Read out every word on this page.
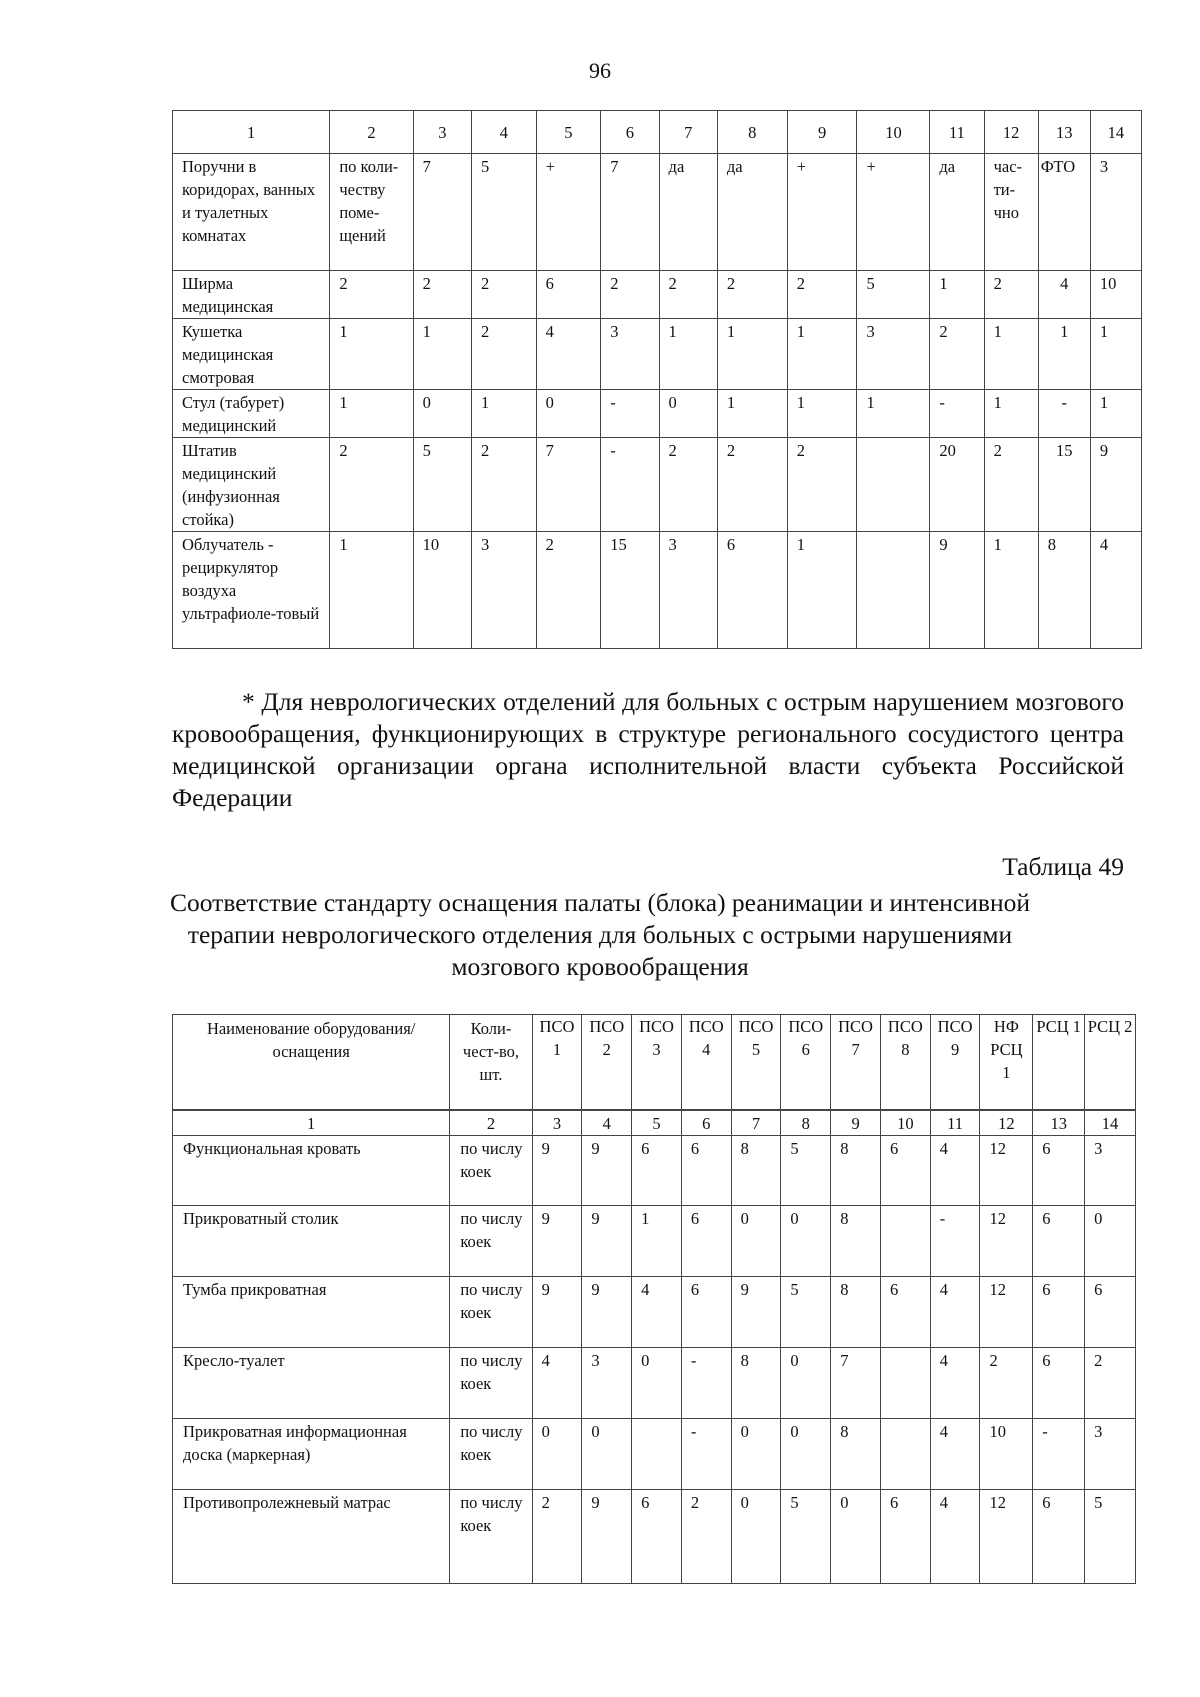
96
1	2	3	4	5	6	7	8	9	10	11	12	13	14
Поручни в коридорах, ванных и туалетных комнатах	по коли-честву поме-щений	7	5	+	7	да	да	+	+	да	час-ти-чно	ФТО	3
Ширма медицинская	2	2	2	6	2	2	2	2	5	1	2	4	10
Кушетка медицинская смотровая	1	1	2	4	3	1	1	1	3	2	1	1	1
Стул (табурет) медицинский	1	0	1	0	-	0	1	1	1	-	1	-	1
Штатив медицинский (инфузионная стойка)	2	5	2	7	-	2	2	2		20	2	15	9
Облучатель - рециркулятор воздуха ультрафиоле-товый	1	10	3	2	15	3	6	1		9	1	8	4
* Для неврологических отделений для больных с острым нарушением мозгового кровообращения, функционирующих в структуре регионального сосудистого центра медицинской организации органа исполнительной власти субъекта Российской Федерации
Таблица 49
Соответствие стандарту оснащения палаты (блока) реанимации и интенсивной терапии неврологического отделения для больных с острыми нарушениями мозгового кровообращения
Наименование оборудования/ оснащения	Коли-чест-во, шт.	ПСО 1	ПСО 2	ПСО 3	ПСО 4	ПСО 5	ПСО 6	ПСО 7	ПСО 8	ПСО 9	НФ РСЦ 1	РСЦ 1	РСЦ 2
1	2	3	4	5	6	7	8	9	10	11	12	13	14
Функциональная кровать	по числу коек	9	9	6	6	8	5	8	6	4	12	6	3
Прикроватный столик	по числу коек	9	9	1	6	0	0	8		-	12	6	0
Тумба прикроватная	по числу коек	9	9	4	6	9	5	8	6	4	12	6	6
Кресло-туалет	по числу коек	4	3	0	-	8	0	7		4	2	6	2
Прикроватная информационная доска (маркерная)	по числу коек	0	0		-	0	0	8		4	10	-	3
Противопролежневый матрас	по числу коек	2	9	6	2	0	5	0	6	4	12	6	5
